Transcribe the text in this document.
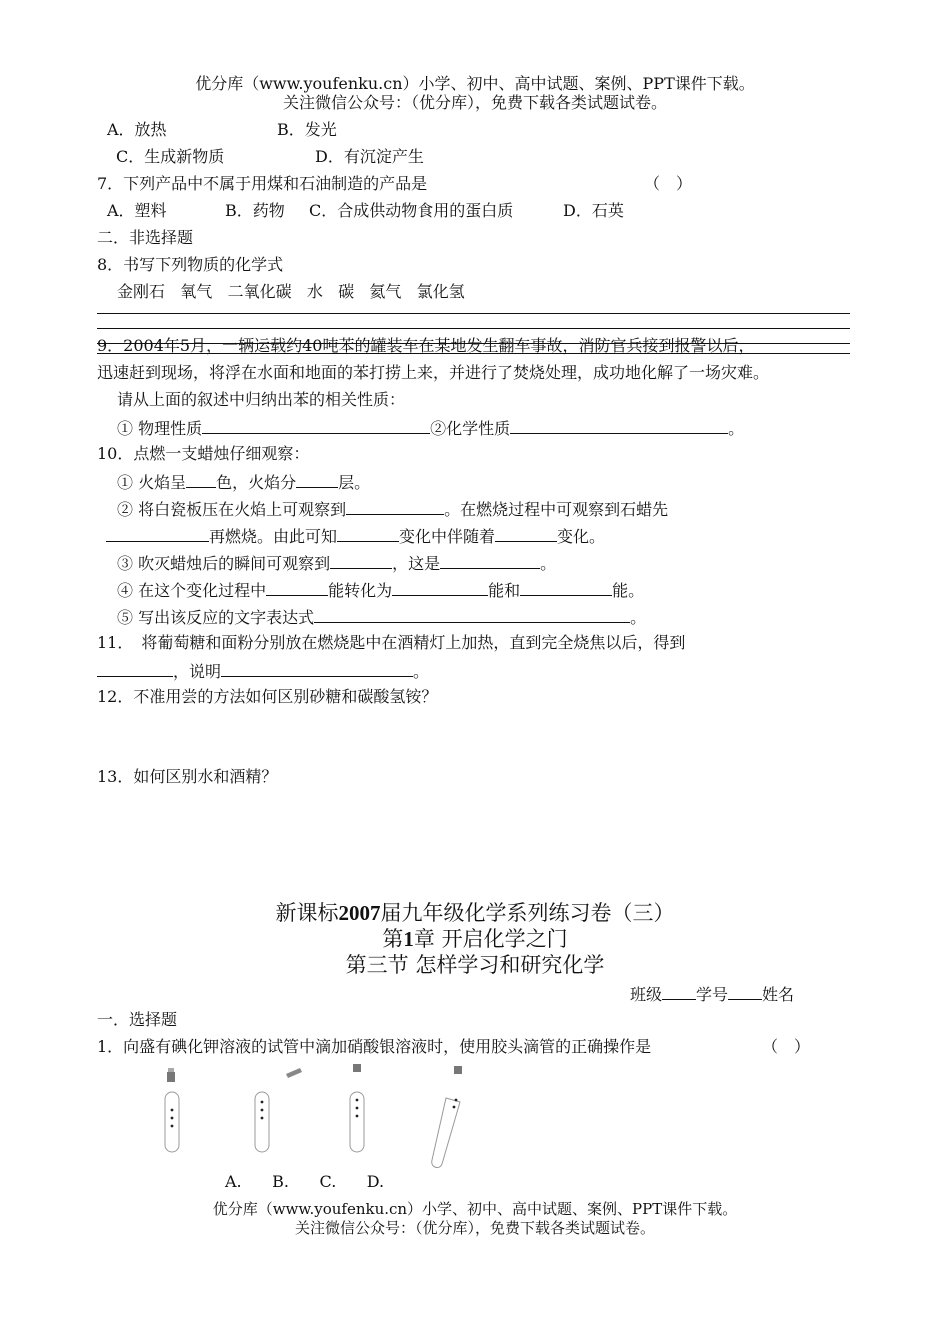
优分库（www.youfenku.cn）小学、初中、高中试题、案例、PPT课件下载。
关注微信公众号：（优分库），免费下载各类试题试卷。
A．放热	B．发光
C．生成新物质	D．有沉淀产生
7．下列产品中不属于用煤和石油制造的产品是	（　）
A．塑料	B．药物 C．合成供动物食用的蛋白质	D．石英
二．非选择题
8．书写下列物质的化学式
金刚石 氧气 二氧化碳 水 碳 氦气 氯化氢
9．2004年5月，一辆运载约40吨苯的罐装车在某地发生翻车事故，消防官兵接到报警以后，
迅速赶到现场，将浮在水面和地面的苯打捞上来，并进行了焚烧处理，成功地化解了一场灾难。
请从上面的叙述中归纳出苯的相关性质：
① 物理性质	②化学性质	。
10．点燃一支蜡烛仔细观察：
① 火焰呈 色，火焰分	层。
② 将白瓷板压在火焰上可观察到	。在燃烧过程中可观察到石蜡先
再燃烧。由此可知	变化中伴随着	变化。
③ 吹灭蜡烛后的瞬间可观察到	，这是	。
④ 在这个变化过程中	能转化为	能和	能。
⑤ 写出该反应的文字表达式	。
11．　将葡萄糖和面粉分别放在燃烧匙中在酒精灯上加热，直到完全烧焦以后，得到
，说明	。
12．不准用尝的方法如何区别砂糖和碳酸氢铵？
13．如何区别水和酒精？
新课标2007届九年级化学系列练习卷（三）
第1章 开启化学之门
第三节 怎样学习和研究化学
班级 学号 姓名
一．选择题
1．向盛有碘化钾溶液的试管中滴加硝酸银溶液时，使用胶头滴管的正确操作是	（　）
A. B. C. D.
优分库（www.youfenku.cn）小学、初中、高中试题、案例、PPT课件下载。
关注微信公众号：（优分库），免费下载各类试题试卷。
